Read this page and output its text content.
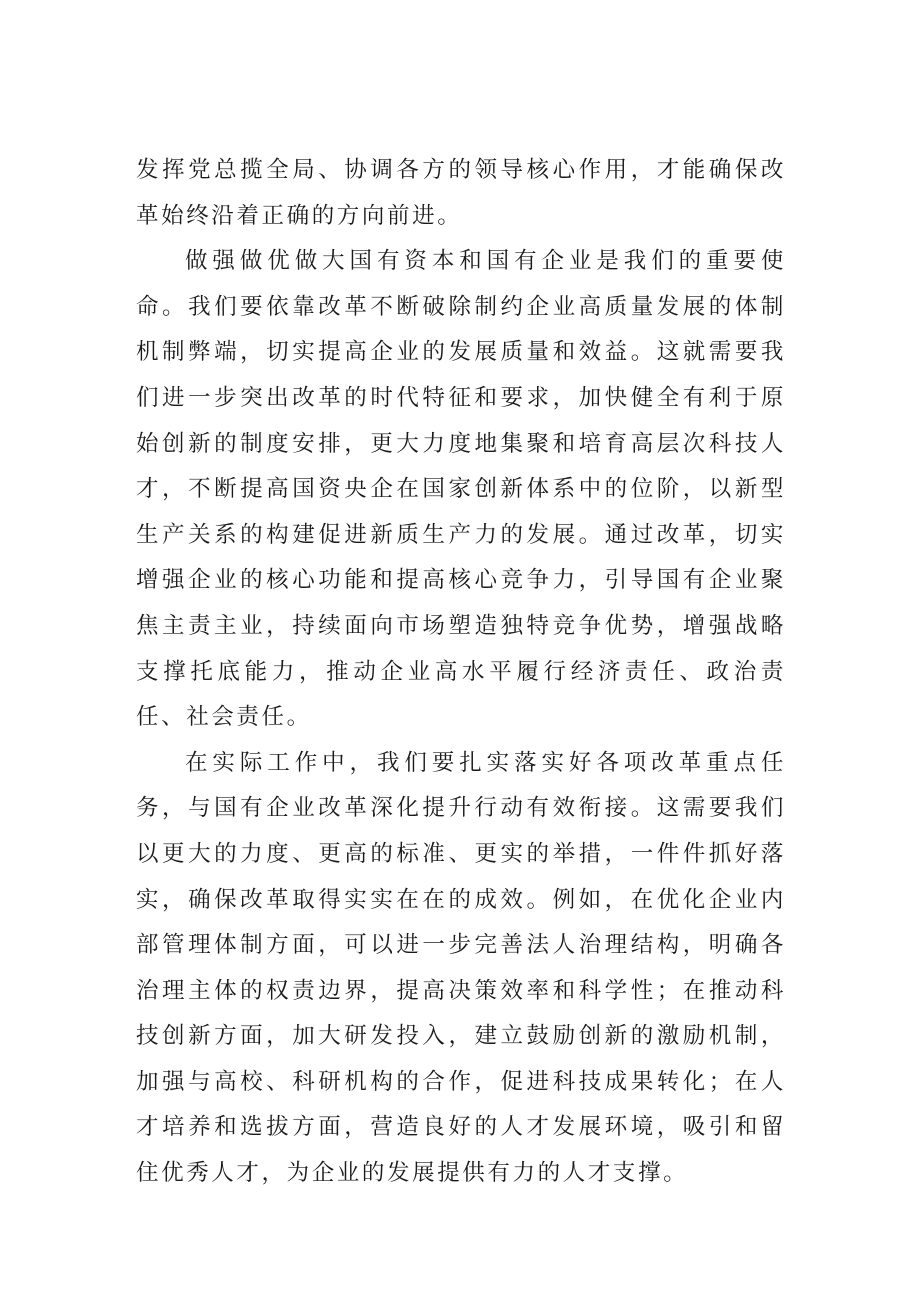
发挥党总揽全局、协调各方的领导核心作用，才能确保改革始终沿着正确的方向前进。

做强做优做大国有资本和国有企业是我们的重要使命。我们要依靠改革不断破除制约企业高质量发展的体制机制弊端，切实提高企业的发展质量和效益。这就需要我们进一步突出改革的时代特征和要求，加快健全有利于原始创新的制度安排，更大力度地集聚和培育高层次科技人才，不断提高国资央企在国家创新体系中的位阶，以新型生产关系的构建促进新质生产力的发展。通过改革，切实增强企业的核心功能和提高核心竞争力，引导国有企业聚焦主责主业，持续面向市场塑造独特竞争优势，增强战略支撑托底能力，推动企业高水平履行经济责任、政治责任、社会责任。

在实际工作中，我们要扎实落实好各项改革重点任务，与国有企业改革深化提升行动有效衔接。这需要我们以更大的力度、更高的标准、更实的举措，一件件抓好落实，确保改革取得实实在在的成效。例如，在优化企业内部管理体制方面，可以进一步完善法人治理结构，明确各治理主体的权责边界，提高决策效率和科学性；在推动科技创新方面，加大研发投入，建立鼓励创新的激励机制，加强与高校、科研机构的合作，促进科技成果转化；在人才培养和选拔方面，营造良好的人才发展环境，吸引和留住优秀人才，为企业的发展提供有力的人才支撑。
